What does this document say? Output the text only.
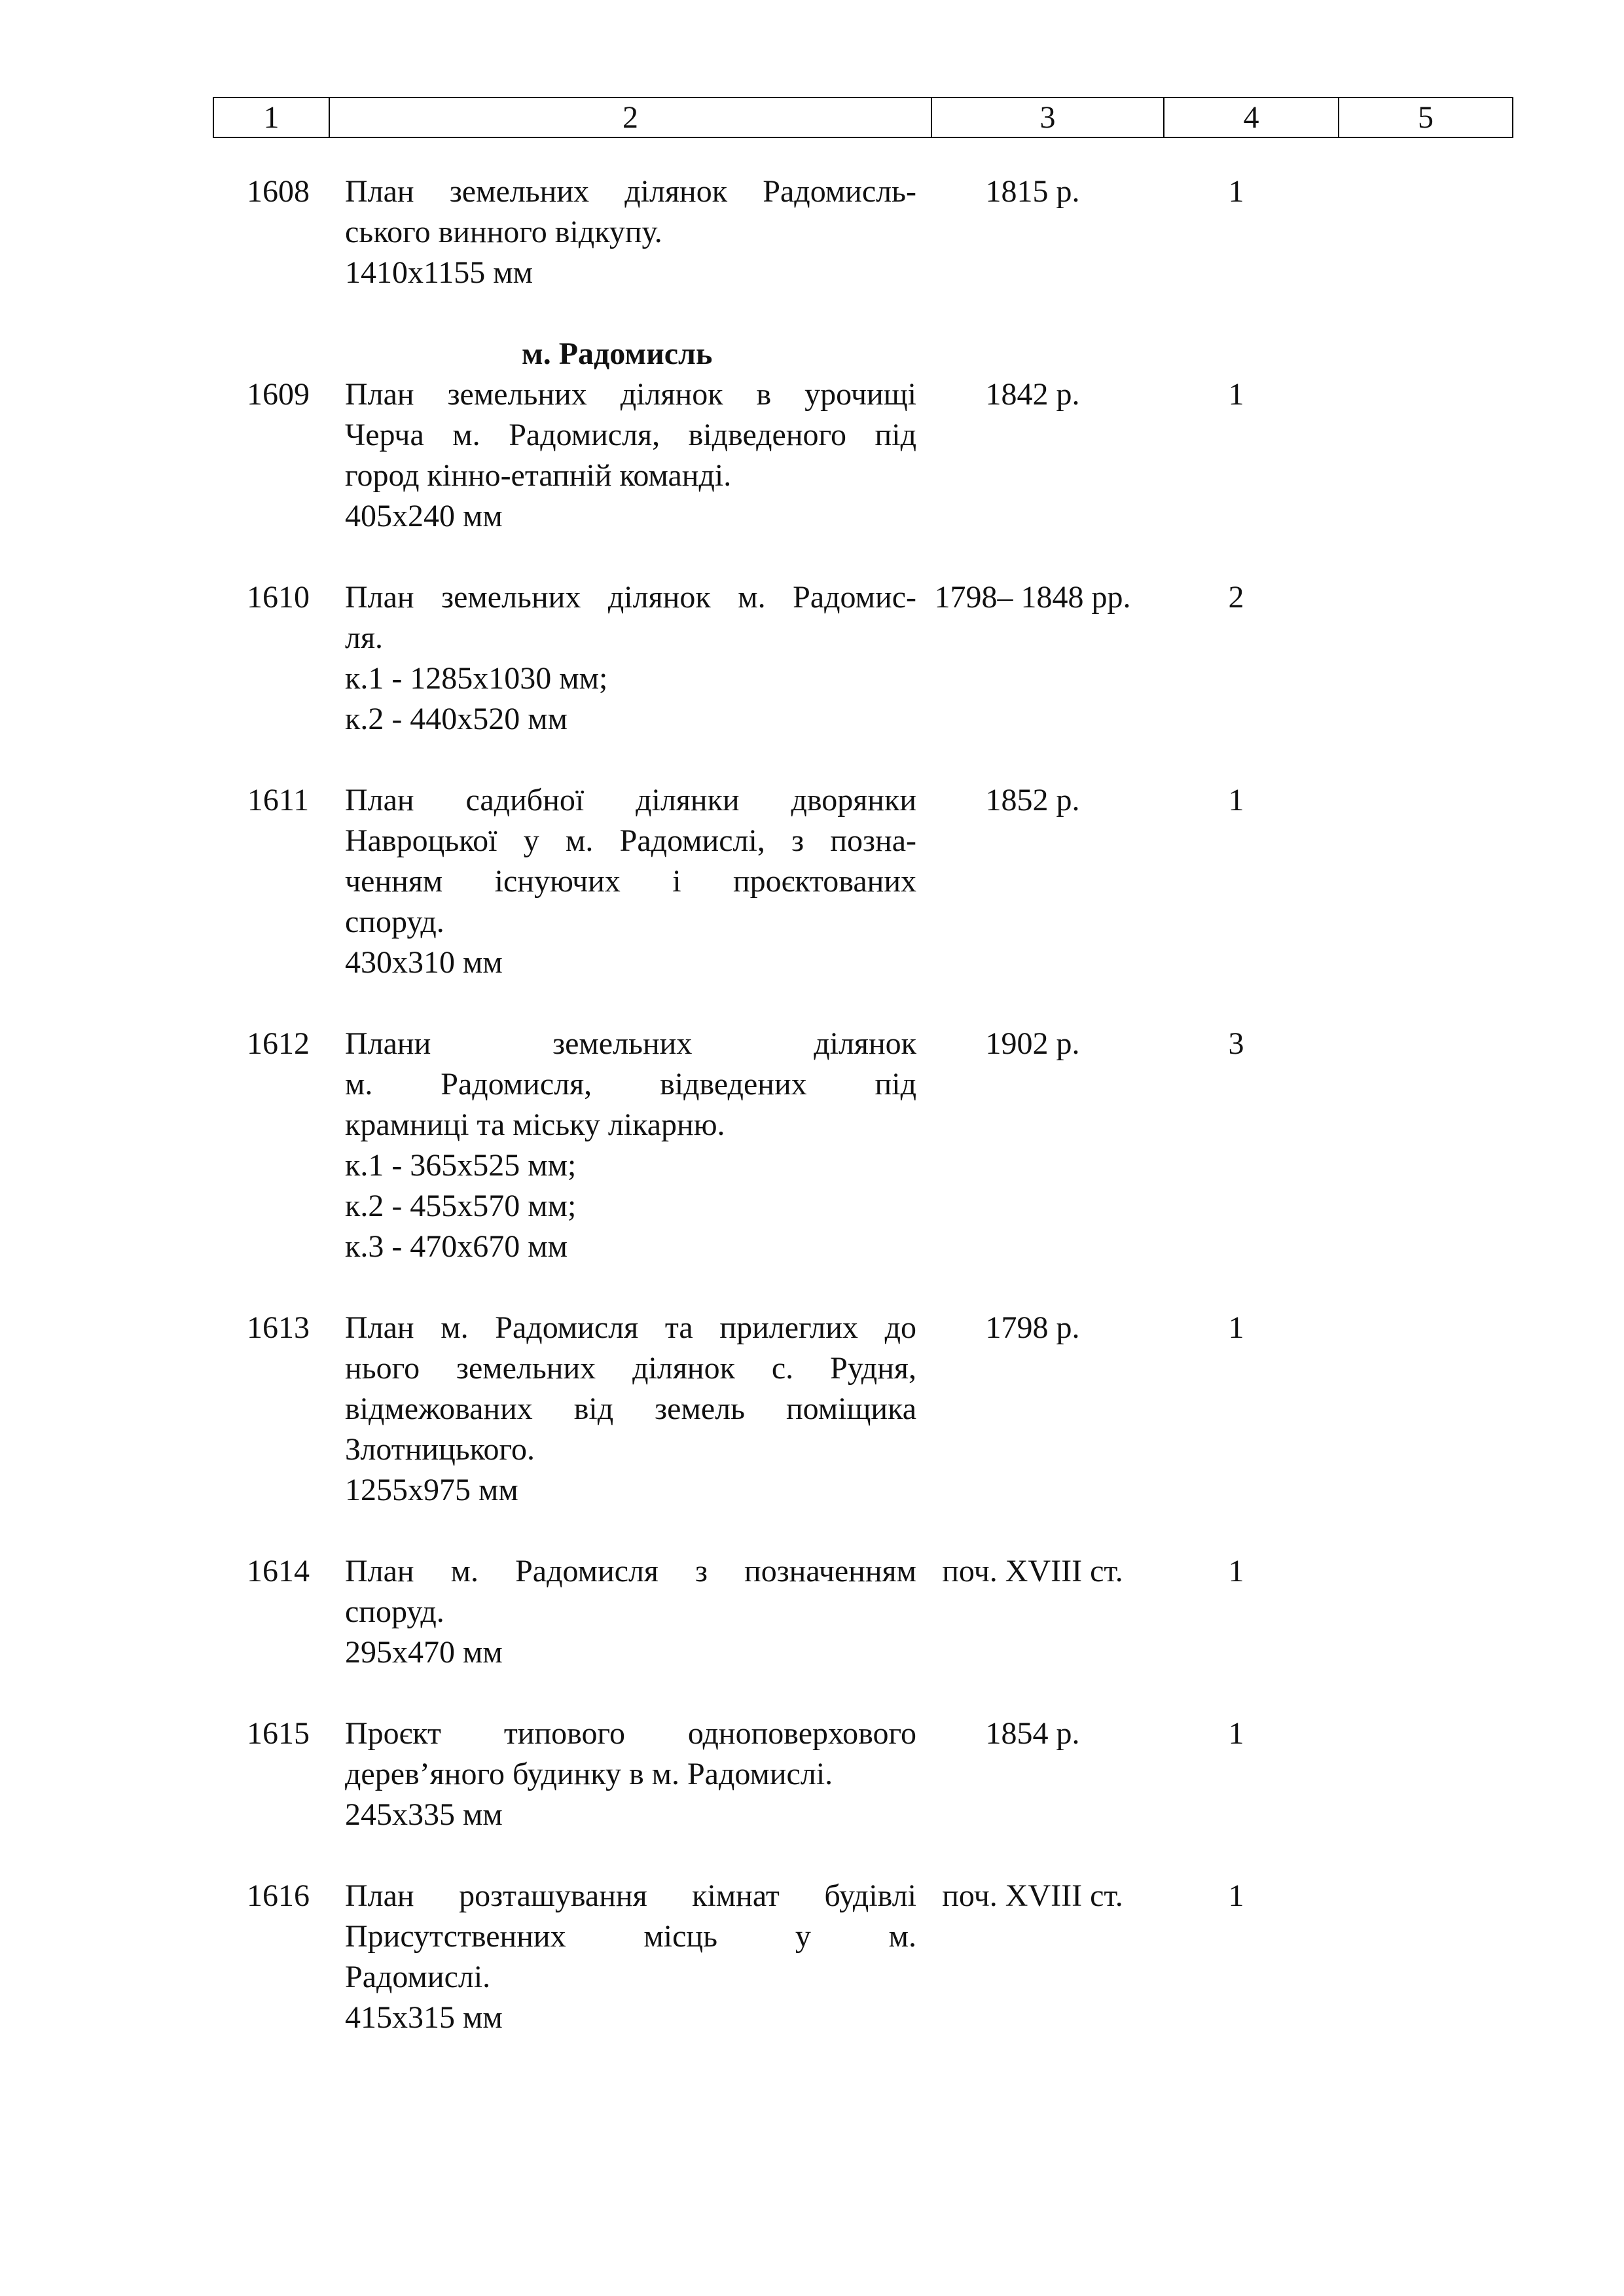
1	2	3	4	5
1608	План земельних ділянок Радомисль-
ського винного відкупу.
1410х1155 мм
1815 р.	1
м. Радомисль
1609	План земельних ділянок в урочищі
Черча м. Радомисля, відведеного під
город кінно-етапній команді.
405х240 мм
1842 р.	1
1610	План земельних ділянок м. Радомис-
ля.
к.1 - 1285х1030 мм;
к.2 - 440х520 мм
1798– 1848 рр.	2
1611	План садибної ділянки дворянки
Навроцької у м. Радомислі, з позна-
ченням існуючих і проєктованих
споруд.
430х310 мм
1852 р.	1
1612	Плани земельних ділянок
м. Радомисля, відведених під
крамниці та міську лікарню.
к.1 - 365х525 мм;
к.2 - 455х570 мм;
к.3 - 470х670 мм
1902 р.	3
1613	План м. Радомисля та прилеглих до
нього земельних ділянок с. Рудня,
відмежованих від земель поміщика
Злотницького.
1255х975 мм
1798 р.	1
1614	План м. Радомисля з позначенням
споруд.
295х470 мм
поч. XVIII ст.	1
1615	Проєкт типового одноповерхового
дерев’яного будинку в м. Радомислі.
245х335 мм
1854 р.	1
1616	План розташування кімнат будівлі
Присутственних місць у м.
Радомислі.
415х315 мм
поч. XVIII ст.	1
